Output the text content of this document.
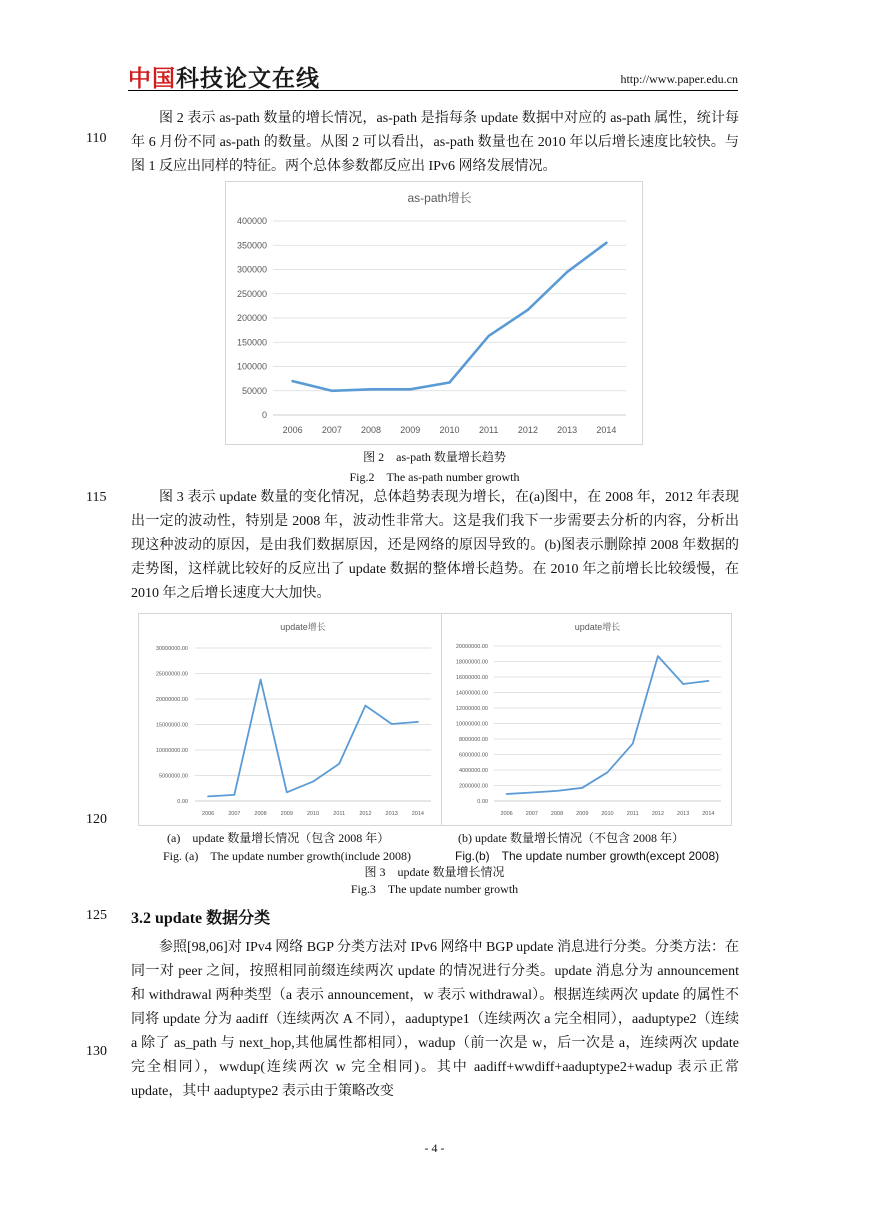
中国科技论文在线	http://www.paper.edu.cn
110

图 2 表示 as-path 数量的增长情况，as-path 是指每条 update 数据中对应的 as-path 属性，统计每年 6 月份不同 as-path 的数量。从图 2 可以看出，as-path 数量也在 2010 年以后增长速度比较快。与图 1 反应出同样的特征。两个总体参数都反应出 IPv6 网络发展情况。

as-path增长
0
50000
100000
150000
200000
250000
300000
350000
400000
2006 2007 2008 2009 2010 2011 2012 2013 2014
图 2　as-path 数量增长趋势
Fig.2　The as-path number growth
115	图 3 表示 update 数量的变化情况，总体趋势表现为增长，在(a)图中，在 2008 年，2012 年表现出一定的波动性，特别是 2008 年，波动性非常大。这是我们我下一步需要去分析的内容，分析出现这种波动的原因，是由我们数据原因，还是网络的原因导致的。(b)图表示删除掉 2008 年数据的走势图，这样就比较好的反应出了 update 数据的整体增长趋势。在 2010 年之前增长比较缓慢，在 2010 年之后增长速度大大加快。

update增长
0.00
5000000.00
10000000.00
15000000.00
20000000.00
25000000.00
30000000.00
2006	2007	2008	2009	2010	2011	2012	2013	2014
update增长
0.00
2000000.00
4000000.00
6000000.00
8000000.00
10000000.00
12000000.00
14000000.00
16000000.00
18000000.00
20000000.00
2006 2007 2008 2009 2010 2011 2012 2013 2014
120
(a)　update 数量增长情况（包含 2008 年）	(b) update 数量增长情况（不包含 2008 年）
Fig. (a)　The update number growth(include 2008)	Fig.(b)　The update number growth(except 2008)
图 3　update 数量增长情况
Fig.3　The update number growth
125 3.2 update 数据分类
130

参照[98,06]对 IPv4 网络 BGP 分类方法对 IPv6 网络中 BGP update 消息进行分类。分类方法：在同一对 peer 之间，按照相同前缀连续两次 update 的情况进行分类。update 消息分为 announcement 和 withdrawal 两种类型（a 表示 announcement，w 表示 withdrawal）。根据连续两次 update 的属性不同将 update 分为 aadiff（连续两次 A 不同），aaduptype1（连续两次 a 完全相同），aaduptype2（连续 a 除了 as_path 与 next_hop,其他属性都相同），wadup（前一次是 w，后一次是 a，连续两次 update 完全相同），wwdup(连续两次 w 完全相同)。其中 aadiff+wwdiff+aaduptype2+wadup 表示正常 update，其中 aaduptype2 表示由于策略改变

- 4 -
